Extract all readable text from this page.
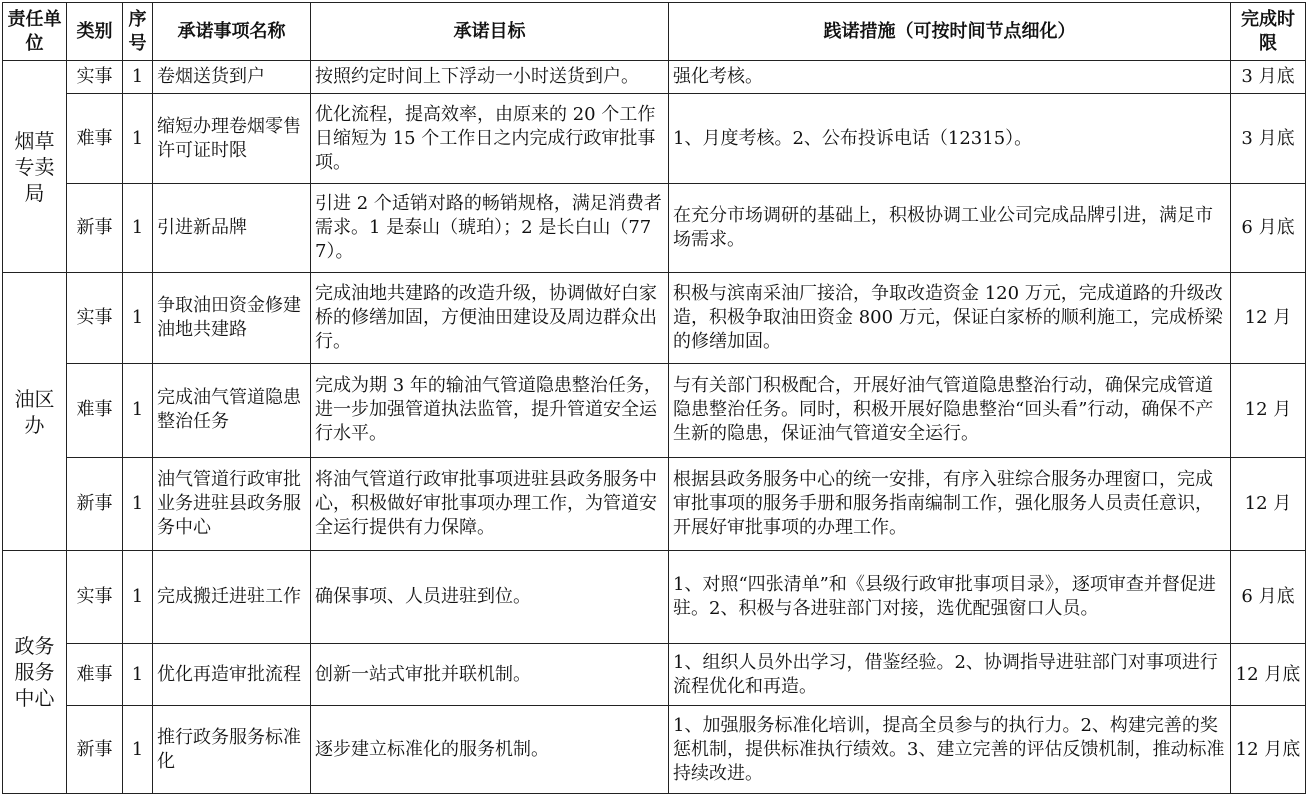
责任单位	类别	序号	承诺事项名称	承诺目标	践诺措施（可按时间节点细化）	完成时限
烟草专卖局	实事	1	卷烟送货到户	按照约定时间上下浮动一小时送货到户。	强化考核。	3 月底
	难事	1	缩短办理卷烟零售许可证时限	优化流程，提高效率，由原来的 20 个工作日缩短为 15 个工作日之内完成行政审批事项。	1、月度考核。2、公布投诉电话（12315）。	3 月底
	新事	1	引进新品牌	引进 2 个适销对路的畅销规格，满足消费者需求。1 是泰山（琥珀）；2 是长白山（777）。	在充分市场调研的基础上，积极协调工业公司完成品牌引进，满足市场需求。	6 月底
油区办	实事	1	争取油田资金修建油地共建路	完成油地共建路的改造升级，协调做好白家桥的修缮加固，方便油田建设及周边群众出行。	积极与滨南采油厂接洽，争取改造资金 120 万元，完成道路的升级改造，积极争取油田资金 800 万元，保证白家桥的顺利施工，完成桥梁的修缮加固。	12 月
	难事	1	完成油气管道隐患整治任务	完成为期 3 年的输油气管道隐患整治任务，进一步加强管道执法监管，提升管道安全运行水平。	与有关部门积极配合，开展好油气管道隐患整治行动，确保完成管道隐患整治任务。同时，积极开展好隐患整治“回头看”行动，确保不产生新的隐患，保证油气管道安全运行。	12 月
	新事	1	油气管道行政审批业务进驻县政务服务中心	将油气管道行政审批事项进驻县政务服务中心，积极做好审批事项办理工作，为管道安全运行提供有力保障。	根据县政务服务中心的统一安排，有序入驻综合服务办理窗口，完成审批事项的服务手册和服务指南编制工作，强化服务人员责任意识，开展好审批事项的办理工作。	12 月
政务服务中心	实事	1	完成搬迁进驻工作	确保事项、人员进驻到位。	1、对照“四张清单”和《县级行政审批事项目录》，逐项审查并督促进驻。2、积极与各进驻部门对接，选优配强窗口人员。	6 月底
	难事	1	优化再造审批流程	创新一站式审批并联机制。	1、组织人员外出学习，借鉴经验。2、协调指导进驻部门对事项进行流程优化和再造。	12 月底
	新事	1	推行政务服务标准化	逐步建立标准化的服务机制。	1、加强服务标准化培训，提高全员参与的执行力。2、构建完善的奖惩机制，提供标准执行绩效。3、建立完善的评估反馈机制，推动标准持续改进。	12 月底
